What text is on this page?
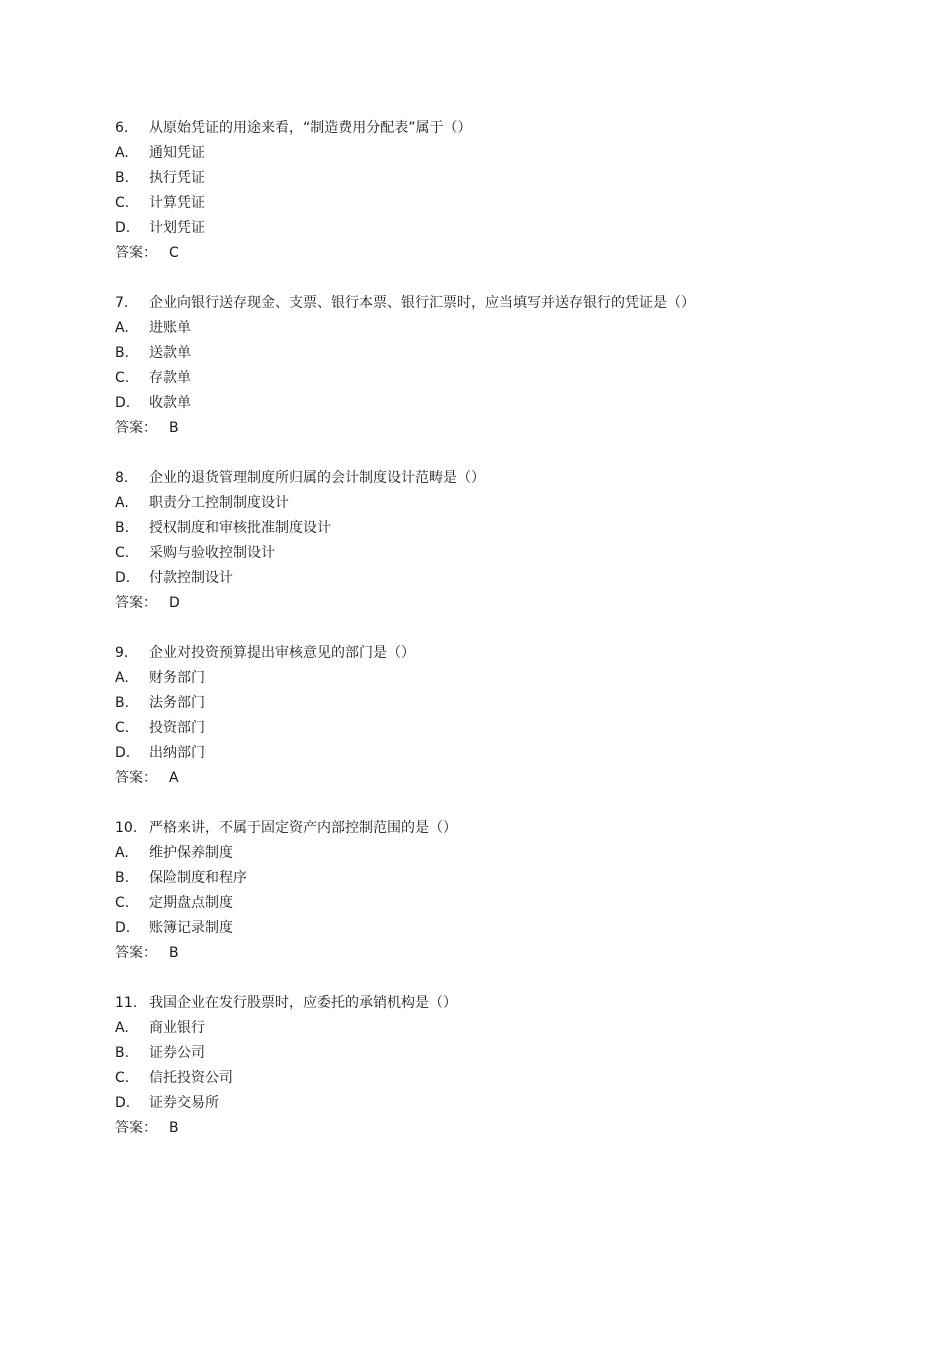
6.	从原始凭证的用途来看，“制造费用分配表”属于（）
A.	通知凭证
B.	执行凭证
C.	计算凭证
D.	计划凭证
答案： C
7.	企业向银行送存现金、支票、银行本票、银行汇票时，应当填写并送存银行的凭证是（）
A.	进账单
B.	送款单
C.	存款单
D.	收款单
答案： B
8.	企业的退货管理制度所归属的会计制度设计范畴是（）
A.	职责分工控制制度设计
B.	授权制度和审核批准制度设计
C.	采购与验收控制设计
D.	付款控制设计
答案： D
9.	企业对投资预算提出审核意见的部门是（）
A.	财务部门
B.	法务部门
C.	投资部门
D.	出纳部门
答案： A
10. 严格来讲，不属于固定资产内部控制范围的是（）
A.	维护保养制度
B.	保险制度和程序
C.	定期盘点制度
D.	账簿记录制度
答案： B
11. 我国企业在发行股票时，应委托的承销机构是（）
A.	商业银行
B.	证券公司
C.	信托投资公司
D.	证券交易所
答案： B
